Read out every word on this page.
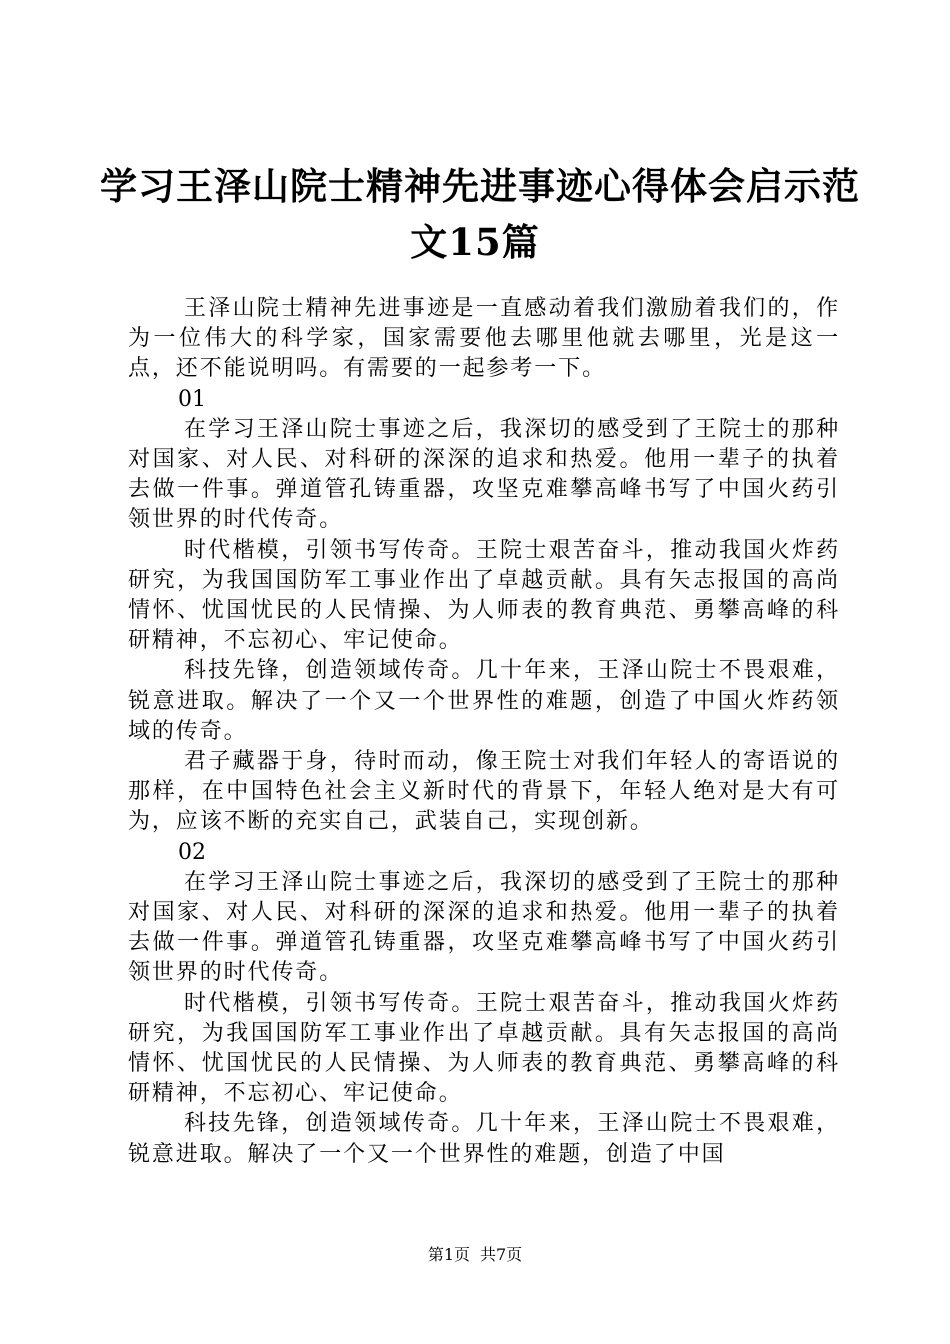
学习王泽山院士精神先进事迹心得体会启示范
文15篇

王泽山院士精神先进事迹是一直感动着我们激励着我们的，作为一位伟大的科学家，国家需要他去哪里他就去哪里，光是这一点，还不能说明吗。有需要的一起参考一下。

01

在学习王泽山院士事迹之后，我深切的感受到了王院士的那种对国家、对人民、对科研的深深的追求和热爱。他用一辈子的执着去做一件事。弹道管孔铸重器，攻坚克难攀高峰书写了中国火药引领世界的时代传奇。

时代楷模，引领书写传奇。王院士艰苦奋斗，推动我国火炸药研究，为我国国防军工事业作出了卓越贡献。具有矢志报国的高尚情怀、忧国忧民的人民情操、为人师表的教育典范、勇攀高峰的科研精神，不忘初心、牢记使命。

科技先锋，创造领域传奇。几十年来，王泽山院士不畏艰难，锐意进取。解决了一个又一个世界性的难题，创造了中国火炸药领域的传奇。

君子藏器于身，待时而动，像王院士对我们年轻人的寄语说的那样，在中国特色社会主义新时代的背景下，年轻人绝对是大有可为，应该不断的充实自己，武装自己，实现创新。

02

在学习王泽山院士事迹之后，我深切的感受到了王院士的那种对国家、对人民、对科研的深深的追求和热爱。他用一辈子的执着去做一件事。弹道管孔铸重器，攻坚克难攀高峰书写了中国火药引领世界的时代传奇。

时代楷模，引领书写传奇。王院士艰苦奋斗，推动我国火炸药研究，为我国国防军工事业作出了卓越贡献。具有矢志报国的高尚情怀、忧国忧民的人民情操、为人师表的教育典范、勇攀高峰的科研精神，不忘初心、牢记使命。

科技先锋，创造领域传奇。几十年来，王泽山院士不畏艰难，锐意进取。解决了一个又一个世界性的难题，创造了中国

第1页 共7页
